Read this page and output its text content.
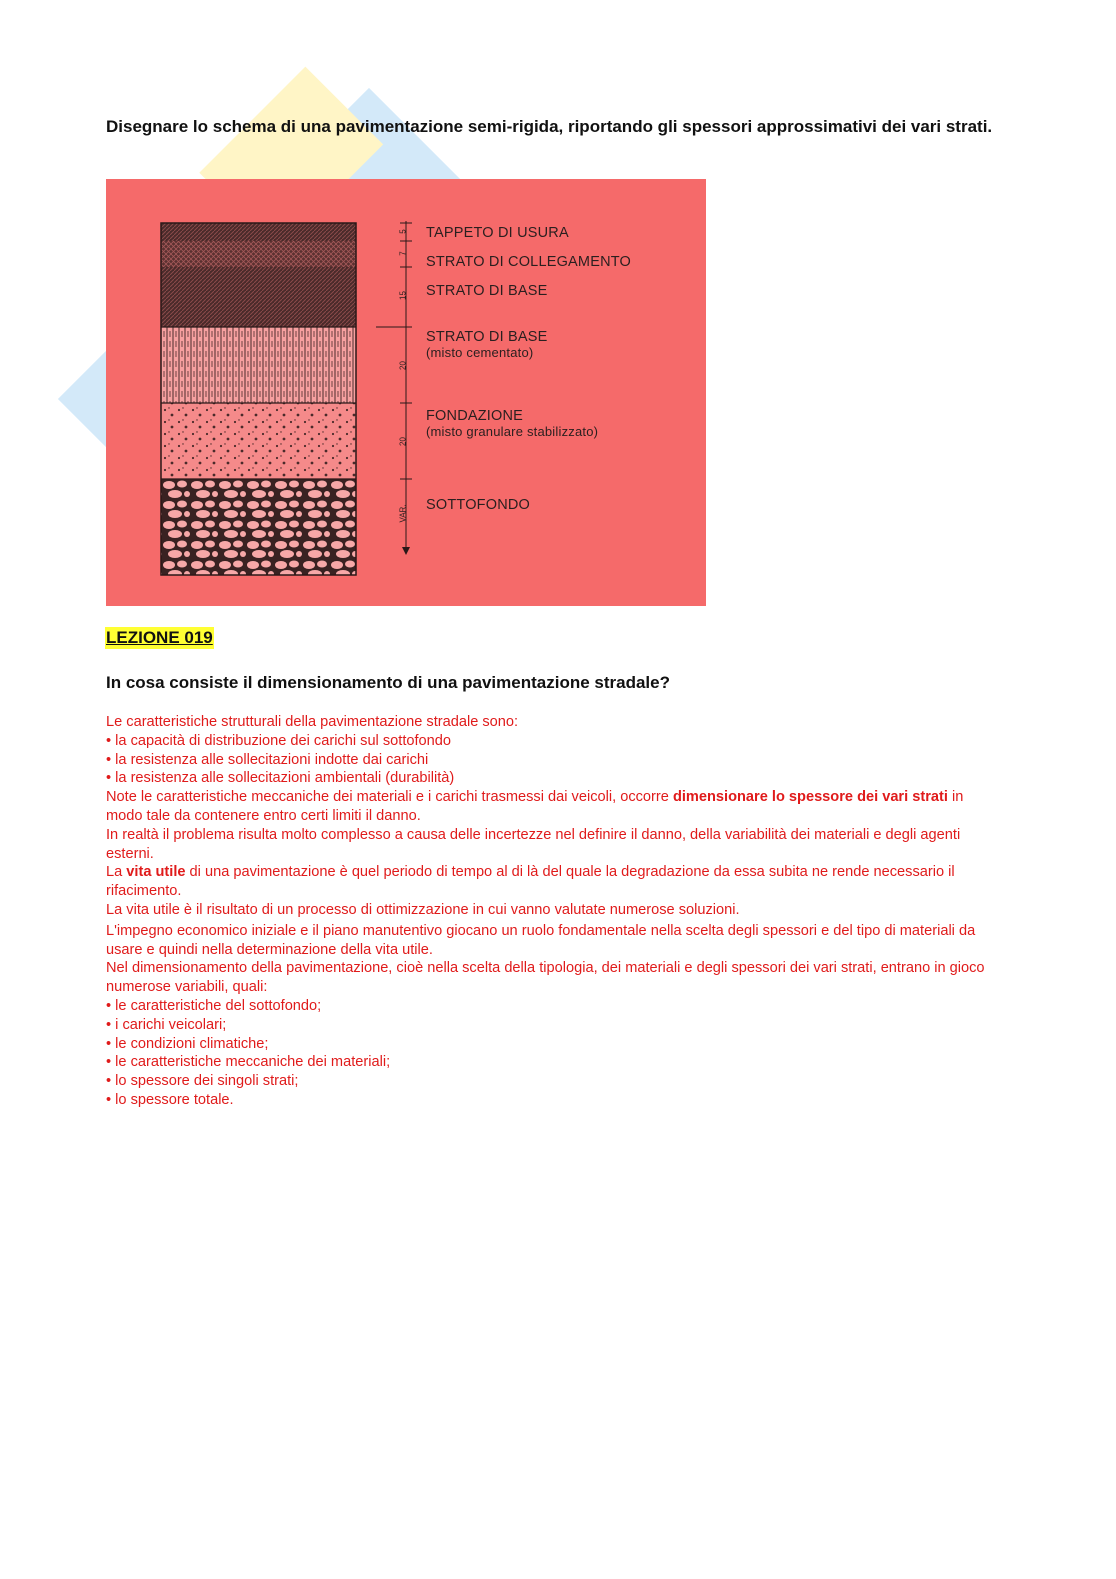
Disegnare lo schema di una pavimentazione semi-rigida, riportando gli spessori approssimativi dei vari strati.
5
7
15
20
20
VAR.
TAPPETO DI USURA
STRATO DI COLLEGAMENTO
STRATO DI BASE
STRATO DI BASE
(misto cementato)
FONDAZIONE
(misto granulare stabilizzato)
SOTTOFONDO
LEZIONE 019
In cosa consiste il dimensionamento di una pavimentazione stradale?

Le caratteristiche strutturali della pavimentazione stradale sono:

• la capacità di distribuzione dei carichi sul sottofondo

• la resistenza alle sollecitazioni indotte dai carichi

• la resistenza alle sollecitazioni ambientali (durabilità)

Note le caratteristiche meccaniche dei materiali e i carichi trasmessi dai veicoli, occorre dimensionare lo spessore dei vari strati in modo tale da contenere entro certi limiti il danno.

In realtà il problema risulta molto complesso a causa delle incertezze nel definire il danno, della variabilità dei materiali e degli agenti esterni.

La vita utile di una pavimentazione è quel periodo di tempo al di là del quale la degradazione da essa subita ne rende necessario il rifacimento.

La vita utile è il risultato di un processo di ottimizzazione in cui vanno valutate numerose soluzioni.

L'impegno economico iniziale e il piano manutentivo giocano un ruolo fondamentale nella scelta degli spessori e del tipo di materiali da usare e quindi nella determinazione della vita utile.

Nel dimensionamento della pavimentazione, cioè nella scelta della tipologia, dei materiali e degli spessori dei vari strati, entrano in gioco numerose variabili, quali:

• le caratteristiche del sottofondo;

• i carichi veicolari;

• le condizioni climatiche;

• le caratteristiche meccaniche dei materiali;

• lo spessore dei singoli strati;

• lo spessore totale.
